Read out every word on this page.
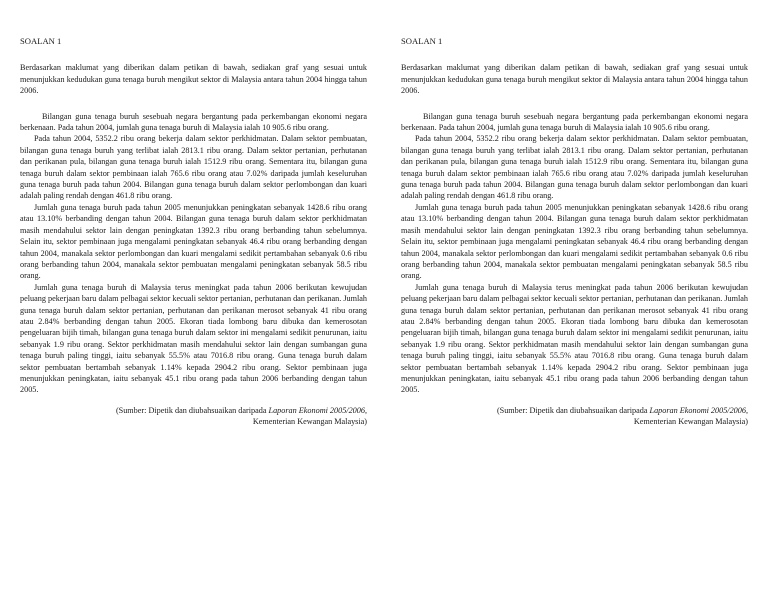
SOALAN 1

Berdasarkan maklumat yang diberikan dalam petikan di bawah, sediakan graf yang sesuai untuk menunjukkan kedudukan guna tenaga buruh mengikut sektor di Malaysia antara tahun 2004 hingga tahun 2006.

Bilangan guna tenaga buruh sesebuah negara bergantung pada perkembangan ekonomi negara berkenaan. Pada tahun 2004, jumlah guna tenaga buruh di Malaysia ialah 10 905.6 ribu orang.

Pada tahun 2004, 5352.2 ribu orang bekerja dalam sektor perkhidmatan. Dalam sektor pembuatan, bilangan guna tenaga buruh yang terlibat ialah 2813.1 ribu orang. Dalam sektor pertanian, perhutanan dan perikanan pula, bilangan guna tenaga buruh ialah 1512.9 ribu orang. Sementara itu, bilangan guna tenaga buruh dalam sektor pembinaan ialah 765.6 ribu orang atau 7.02% daripada jumlah keseluruhan guna tenaga buruh pada tahun 2004. Bilangan guna tenaga buruh dalam sektor perlombongan dan kuari adalah paling rendah dengan 461.8 ribu orang.

Jumlah guna tenaga buruh pada tahun 2005 menunjukkan peningkatan sebanyak 1428.6 ribu orang atau 13.10% berbanding dengan tahun 2004. Bilangan guna tenaga buruh dalam sektor perkhidmatan masih mendahului sektor lain dengan peningkatan 1392.3 ribu orang berbanding tahun sebelumnya. Selain itu, sektor pembinaan juga mengalami peningkatan sebanyak 46.4 ribu orang berbanding dengan tahun 2004, manakala sektor perlombongan dan kuari mengalami sedikit pertambahan sebanyak 0.6 ribu orang berbanding tahun 2004, manakala sektor pembuatan mengalami peningkatan sebanyak 58.5 ribu orang.

Jumlah guna tenaga buruh di Malaysia terus meningkat pada tahun 2006 berikutan kewujudan peluang pekerjaan baru dalam pelbagai sektor kecuali sektor pertanian, perhutanan dan perikanan. Jumlah guna tenaga buruh dalam sektor pertanian, perhutanan dan perikanan merosot sebanyak 41 ribu orang atau 2.84% berbanding dengan tahun 2005. Ekoran tiada lombong baru dibuka dan kemerosotan pengeluaran bijih timah, bilangan guna tenaga buruh dalam sektor ini mengalami sedikit penurunan, iaitu sebanyak 1.9 ribu orang. Sektor perkhidmatan masih mendahului sektor lain dengan sumbangan guna tenaga buruh paling tinggi, iaitu sebanyak 55.5% atau 7016.8 ribu orang. Guna tenaga buruh dalam sektor pembuatan bertambah sebanyak 1.14% kepada 2904.2 ribu orang. Sektor pembinaan juga menunjukkan peningkatan, iaitu sebanyak 45.1 ribu orang pada tahun 2006 berbanding dengan tahun 2005.

(Sumber: Dipetik dan diubahsuaikan daripada Laporan Ekonomi 2005/2006,
Kementerian Kewangan Malaysia)
SOALAN 1

Berdasarkan maklumat yang diberikan dalam petikan di bawah, sediakan graf yang sesuai untuk menunjukkan kedudukan guna tenaga buruh mengikut sektor di Malaysia antara tahun 2004 hingga tahun 2006.

Bilangan guna tenaga buruh sesebuah negara bergantung pada perkembangan ekonomi negara berkenaan. Pada tahun 2004, jumlah guna tenaga buruh di Malaysia ialah 10 905.6 ribu orang.

Pada tahun 2004, 5352.2 ribu orang bekerja dalam sektor perkhidmatan. Dalam sektor pembuatan, bilangan guna tenaga buruh yang terlibat ialah 2813.1 ribu orang. Dalam sektor pertanian, perhutanan dan perikanan pula, bilangan guna tenaga buruh ialah 1512.9 ribu orang. Sementara itu, bilangan guna tenaga buruh dalam sektor pembinaan ialah 765.6 ribu orang atau 7.02% daripada jumlah keseluruhan guna tenaga buruh pada tahun 2004. Bilangan guna tenaga buruh dalam sektor perlombongan dan kuari adalah paling rendah dengan 461.8 ribu orang.

Jumlah guna tenaga buruh pada tahun 2005 menunjukkan peningkatan sebanyak 1428.6 ribu orang atau 13.10% berbanding dengan tahun 2004. Bilangan guna tenaga buruh dalam sektor perkhidmatan masih mendahului sektor lain dengan peningkatan 1392.3 ribu orang berbanding tahun sebelumnya. Selain itu, sektor pembinaan juga mengalami peningkatan sebanyak 46.4 ribu orang berbanding dengan tahun 2004, manakala sektor perlombongan dan kuari mengalami sedikit pertambahan sebanyak 0.6 ribu orang berbanding tahun 2004, manakala sektor pembuatan mengalami peningkatan sebanyak 58.5 ribu orang.

Jumlah guna tenaga buruh di Malaysia terus meningkat pada tahun 2006 berikutan kewujudan peluang pekerjaan baru dalam pelbagai sektor kecuali sektor pertanian, perhutanan dan perikanan. Jumlah guna tenaga buruh dalam sektor pertanian, perhutanan dan perikanan merosot sebanyak 41 ribu orang atau 2.84% berbanding dengan tahun 2005. Ekoran tiada lombong baru dibuka dan kemerosotan pengeluaran bijih timah, bilangan guna tenaga buruh dalam sektor ini mengalami sedikit penurunan, iaitu sebanyak 1.9 ribu orang. Sektor perkhidmatan masih mendahului sektor lain dengan sumbangan guna tenaga buruh paling tinggi, iaitu sebanyak 55.5% atau 7016.8 ribu orang. Guna tenaga buruh dalam sektor pembuatan bertambah sebanyak 1.14% kepada 2904.2 ribu orang. Sektor pembinaan juga menunjukkan peningkatan, iaitu sebanyak 45.1 ribu orang pada tahun 2006 berbanding dengan tahun 2005.

(Sumber: Dipetik dan diubahsuaikan daripada Laporan Ekonomi 2005/2006,
Kementerian Kewangan Malaysia)
